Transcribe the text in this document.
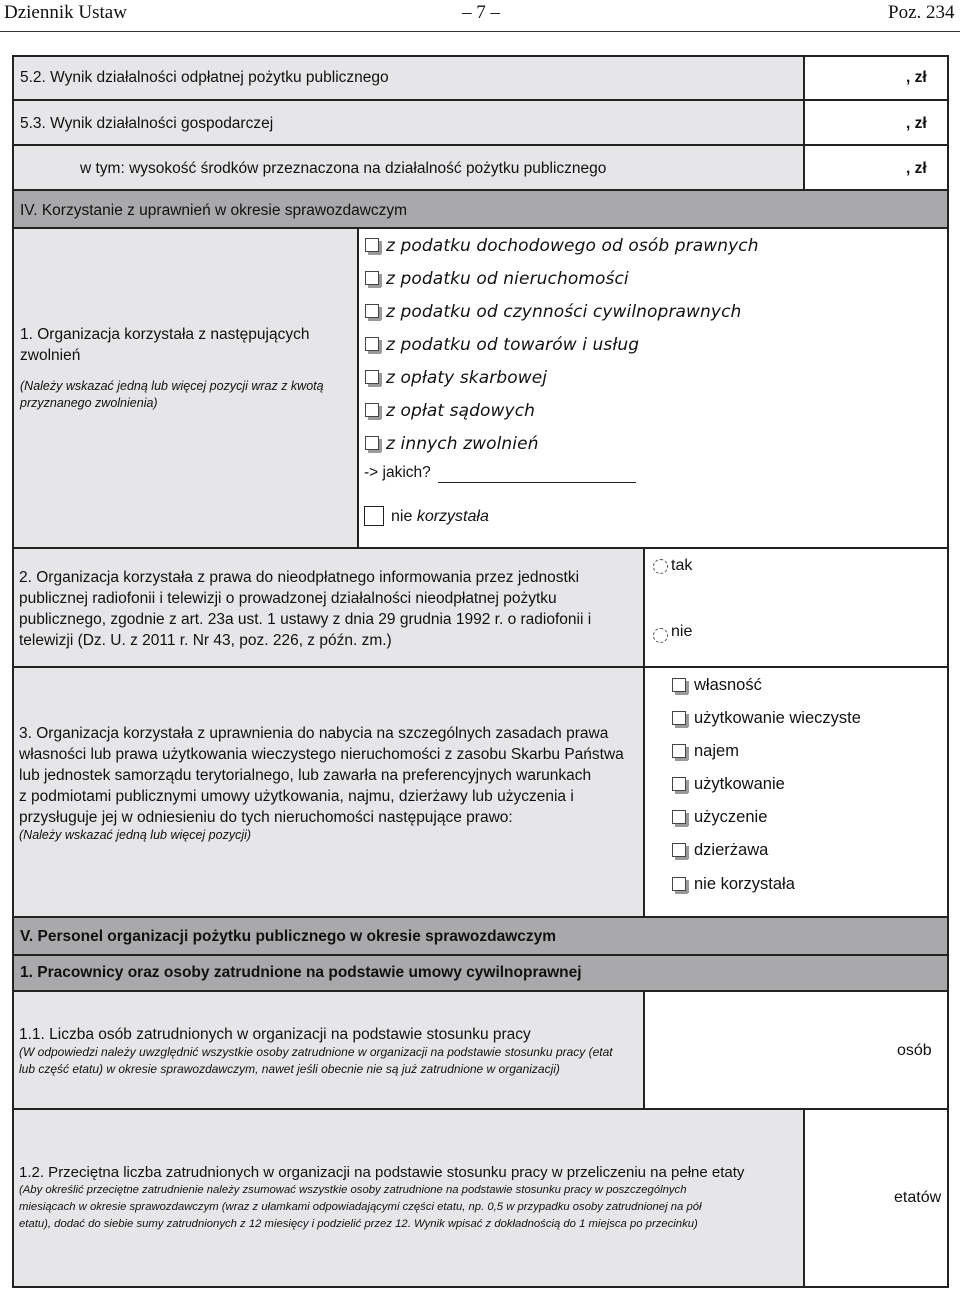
Dziennik Ustaw	– 7 –	Poz. 234
5.2. Wynik działalności odpłatnej pożytku publicznego	, zł
5.3. Wynik działalności gospodarczej	, zł
w tym: wysokość środków przeznaczona na działalność pożytku publicznego	, zł
IV. Korzystanie z uprawnień w okresie sprawozdawczym
1. Organizacja korzystała z następujących
zwolnień
(Należy wskazać jedną lub więcej pozycji wraz z kwotą
przyznanego zwolnienia)
z podatku dochodowego od osób prawnych
z podatku od nieruchomości
z podatku od czynności cywilnoprawnych
z podatku od towarów i usług
z opłaty skarbowej
z opłat sądowych
z innych zwolnień
-> jakich?
nie korzystała
2. Organizacja korzystała z prawa do nieodpłatnego informowania przez jednostki
publicznej radiofonii i telewizji o prowadzonej działalności nieodpłatnej pożytku
publicznego, zgodnie z art. 23a ust. 1 ustawy z dnia 29 grudnia 1992 r. o radiofonii i
telewizji (Dz. U. z 2011 r. Nr 43, poz. 226, z późn. zm.)
tak
nie
3. Organizacja korzystała z uprawnienia do nabycia na szczególnych zasadach prawa
własności lub prawa użytkowania wieczystego nieruchomości z zasobu Skarbu Państwa
lub jednostek samorządu terytorialnego, lub zawarła na preferencyjnych warunkach
z podmiotami publicznymi umowy użytkowania, najmu, dzierżawy lub użyczenia i
przysługuje jej w odniesieniu do tych nieruchomości następujące prawo:
(Należy wskazać jedną lub więcej pozycji)
własność
użytkowanie wieczyste
najem
użytkowanie
użyczenie
dzierżawa
nie korzystała
V. Personel organizacji pożytku publicznego w okresie sprawozdawczym
1. Pracownicy oraz osoby zatrudnione na podstawie umowy cywilnoprawnej
1.1. Liczba osób zatrudnionych w organizacji na podstawie stosunku pracy
(W odpowiedzi należy uwzględnić wszystkie osoby zatrudnione w organizacji na podstawie stosunku pracy (etat
lub część etatu) w okresie sprawozdawczym, nawet jeśli obecnie nie są już zatrudnione w organizacji)
osób
1.2. Przeciętna liczba zatrudnionych w organizacji na podstawie stosunku pracy w przeliczeniu na pełne etaty
(Aby określić przeciętne zatrudnienie należy zsumować wszystkie osoby zatrudnione na podstawie stosunku pracy w poszczególnych
miesiącach w okresie sprawozdawczym (wraz z ułamkami odpowiadającymi części etatu, np. 0,5 w przypadku osoby zatrudnionej na pół
etatu), dodać do siebie sumy zatrudnionych z 12 miesięcy i podzielić przez 12. Wynik wpisać z dokładnością do 1 miejsca po przecinku)
etatów
